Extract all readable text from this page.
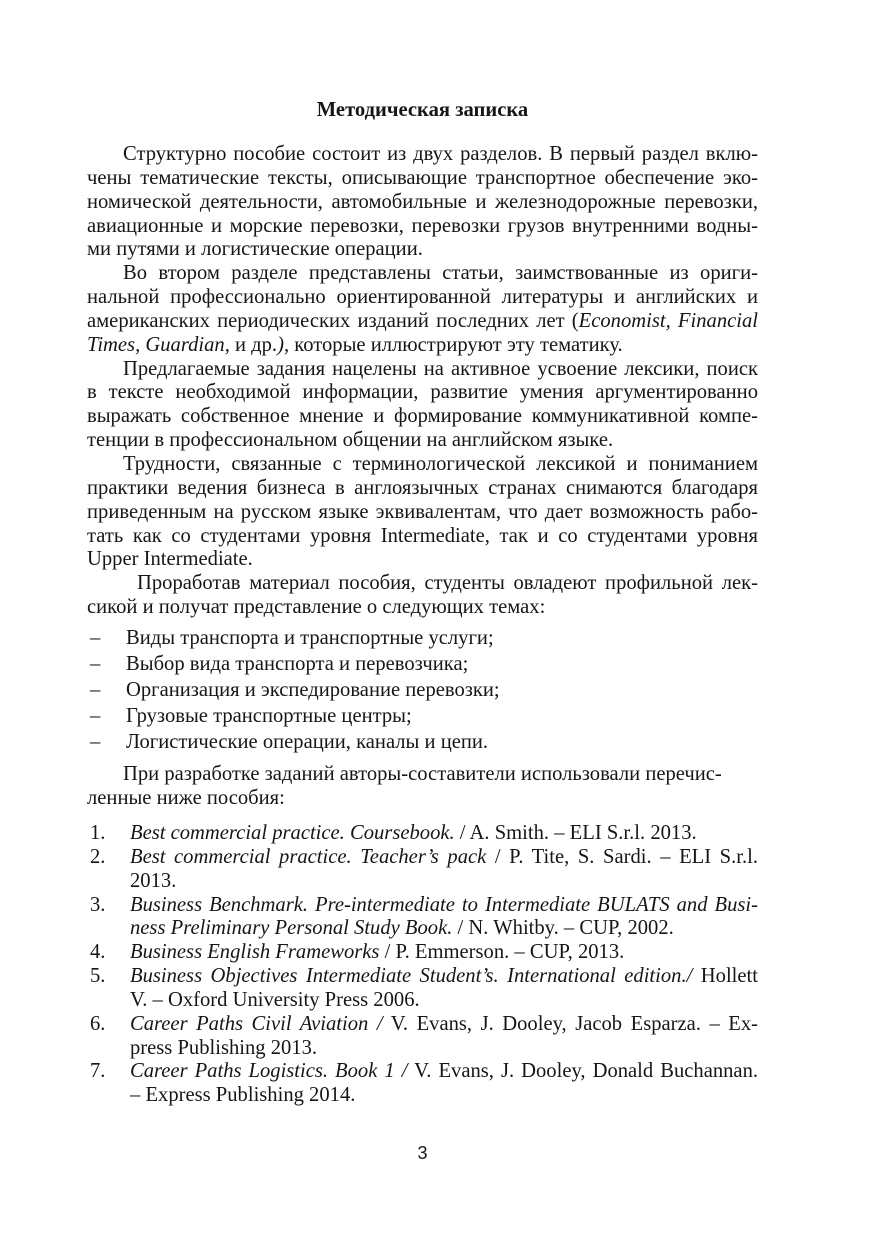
Методическая записка
Структурно пособие состоит из двух разделов. В первый раздел вклю-
чены тематические тексты, описывающие транспортное обеспечение эко-
номической деятельности, автомобильные и железнодорожные перевозки,
авиационные и морские перевозки, перевозки грузов внутренними водны-
ми путями и логистические операции.
Во втором разделе представлены статьи, заимствованные из ориги-
нальной профессионально ориентированной литературы и английских и
американских периодических изданий последних лет (Economist, Financial
Times, Guardian, и др.), которые иллюстрируют эту тематику.
Предлагаемые задания нацелены на активное усвоение лексики, поиск
в тексте необходимой информации, развитие умения аргументированно
выражать собственное мнение и формирование коммуникативной компе-
тенции в профессиональном общении на английском языке.
Трудности, связанные с терминологической лексикой и пониманием
практики ведения бизнеса в англоязычных странах снимаются благодаря
приведенным на русском языке эквивалентам, что дает возможность рабо-
тать как со студентами уровня Intermediate, так и со студентами уровня
Upper Intermediate.
Проработав материал пособия, студенты овладеют профильной лек-
сикой и получат представление о следующих темах:
– Виды транспорта и транспортные услуги;
– Выбор вида транспорта и перевозчика;
– Организация и экспедирование перевозки;
– Грузовые транспортные центры;
– Логистические операции, каналы и цепи.
При разработке заданий авторы-составители использовали перечис-
ленные ниже пособия:
1. Best commercial practice. Coursebook. / A. Smith. – ELI S.r.l. 2013.
2. Best commercial practice. Teacher’s pack / P. Tite, S. Sardi. – ELI S.r.l.
2013.
3. Business Benchmark. Pre-intermediate to Intermediate BULATS and Busi-
ness Preliminary Personal Study Book. / N. Whitby. – CUP, 2002.
4. Business English Frameworks / P. Emmerson. – CUP, 2013.
5. Business Objectives Intermediate Student’s. International edition./ Hollett
V. – Oxford University Press 2006.
6. Career Paths Civil Aviation / V. Evans, J. Dooley, Jacob Esparza. – Ex-
press Publishing 2013.
7. Career Paths Logistics. Book 1 / V. Evans, J. Dooley, Donald Buchannan.
– Express Publishing 2014.
3
